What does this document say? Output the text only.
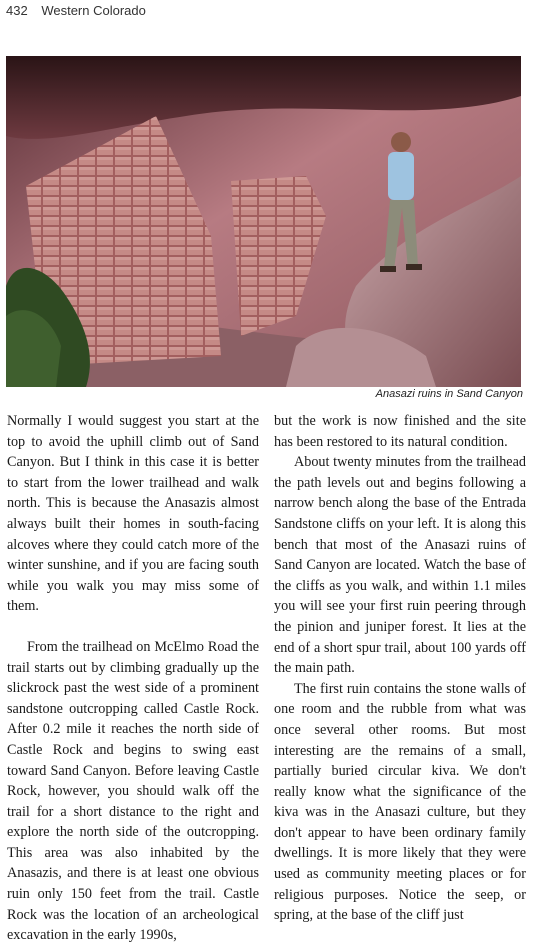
432 Western Colorado
Anasazi ruins in Sand Canyon

Normally I would suggest you start at the top to avoid the uphill climb out of Sand Canyon. But I think in this case it is better to start from the lower trailhead and walk north. This is because the Anasazis almost always built their homes in south-facing alcoves where they could catch more of the winter sunshine, and if you are facing south while you walk you may miss some of them.

From the trailhead on McElmo Road the trail starts out by climbing gradually up the slickrock past the west side of a prominent sandstone outcropping called Castle Rock. After 0.2 mile it reaches the north side of Castle Rock and begins to swing east toward Sand Canyon. Before leaving Castle Rock, however, you should walk off the trail for a short distance to the right and explore the north side of the outcropping. This area was also inhabited by the Anasazis, and there is at least one obvious ruin only 150 feet from the trail. Castle Rock was the location of an archeological excavation in the early 1990s,

but the work is now finished and the site has been restored to its natural condition.

About twenty minutes from the trailhead the path levels out and begins following a narrow bench along the base of the Entrada Sandstone cliffs on your left. It is along this bench that most of the Anasazi ruins of Sand Canyon are located. Watch the base of the cliffs as you walk, and within 1.1 miles you will see your first ruin peering through the pinion and juniper forest. It lies at the end of a short spur trail, about 100 yards off the main path.

The first ruin contains the stone walls of one room and the rubble from what was once several other rooms. But most interesting are the remains of a small, partially buried circular kiva. We don't really know what the significance of the kiva was in the Anasazi culture, but they don't appear to have been ordinary family dwellings. It is more likely that they were used as community meeting places or for religious purposes. Notice the seep, or spring, at the base of the cliff just
